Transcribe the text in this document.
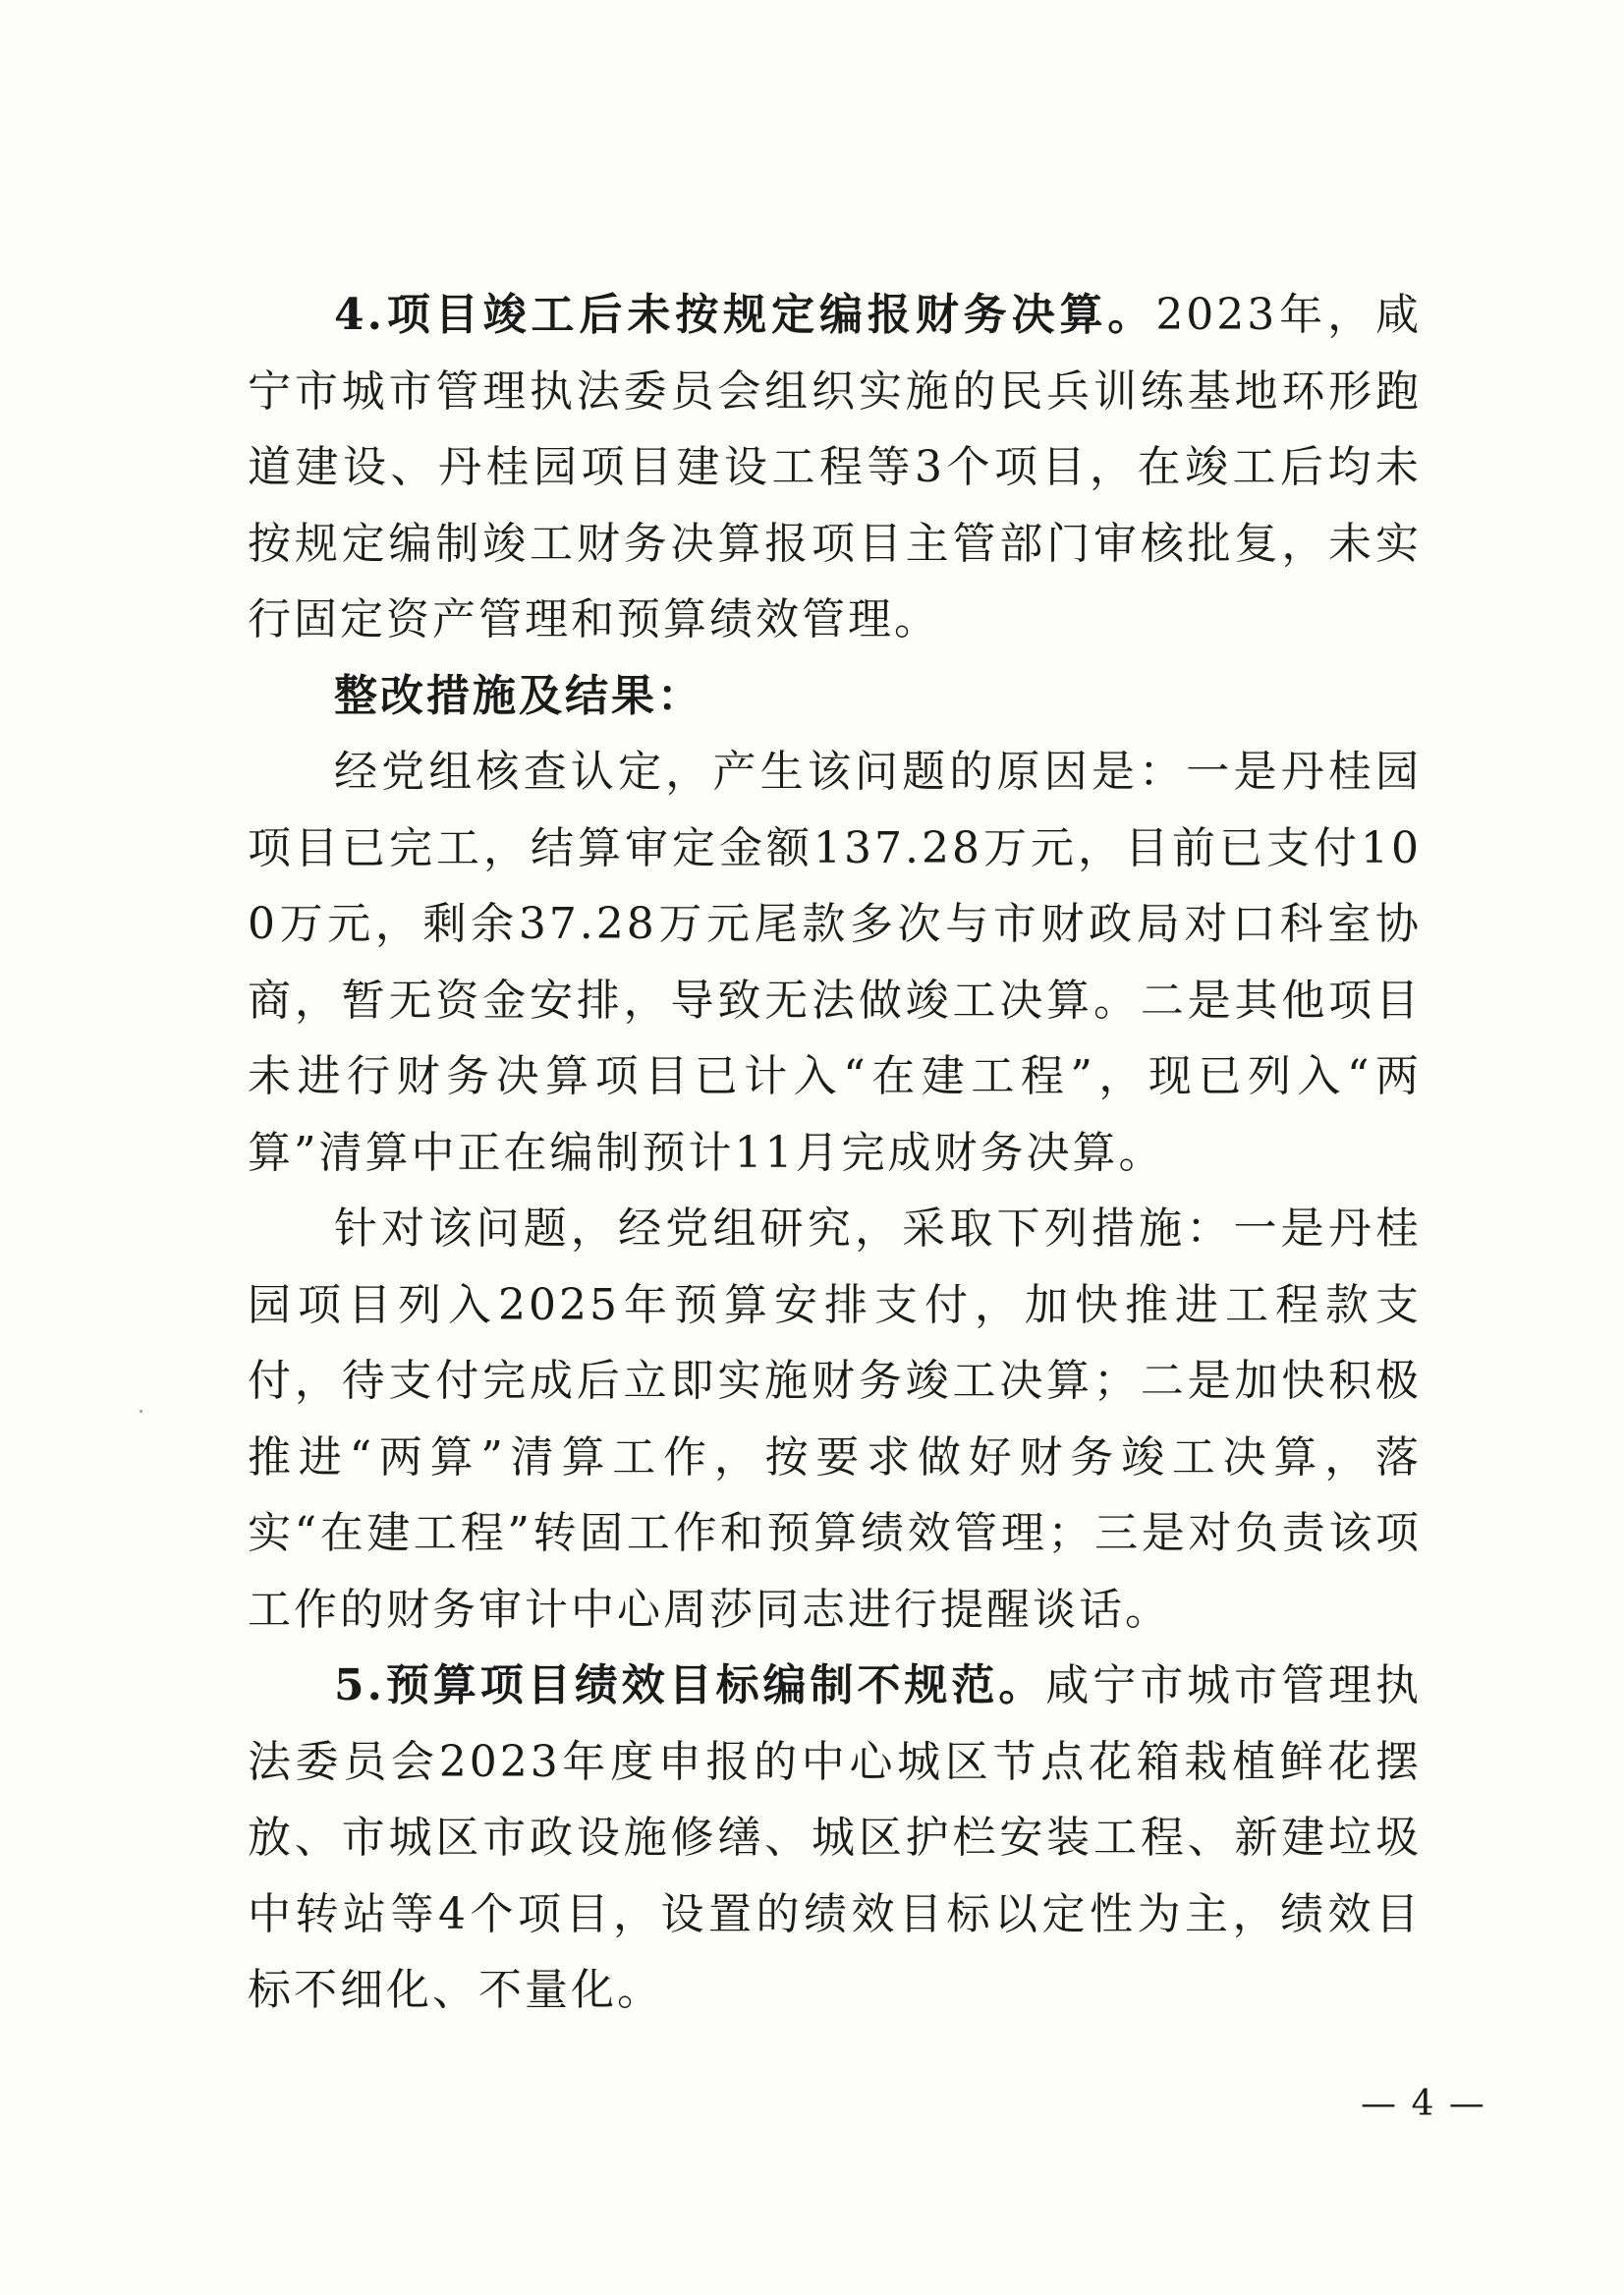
4.项目竣工后未按规定编报财务决算。2023年，咸宁市城市管理执法委员会组织实施的民兵训练基地环形跑道建设、丹桂园项目建设工程等3个项目，在竣工后均未按规定编制竣工财务决算报项目主管部门审核批复，未实行固定资产管理和预算绩效管理。

整改措施及结果：

经党组核查认定，产生该问题的原因是：一是丹桂园项目已完工，结算审定金额137.28万元，目前已支付100万元，剩余37.28万元尾款多次与市财政局对口科室协商，暂无资金安排，导致无法做竣工决算。二是其他项目未进行财务决算项目已计入“在建工程”，现已列入“两算”清算中正在编制预计11月完成财务决算。

针对该问题，经党组研究，采取下列措施：一是丹桂园项目列入2025年预算安排支付，加快推进工程款支付，待支付完成后立即实施财务竣工决算；二是加快积极推进“两算”清算工作，按要求做好财务竣工决算，落实“在建工程”转固工作和预算绩效管理；三是对负责该项工作的财务审计中心周莎同志进行提醒谈话。

5.预算项目绩效目标编制不规范。咸宁市城市管理执法委员会2023年度申报的中心城区节点花箱栽植鲜花摆放、市城区市政设施修缮、城区护栏安装工程、新建垃圾中转站等4个项目，设置的绩效目标以定性为主，绩效目标不细化、不量化。

— 4 —
